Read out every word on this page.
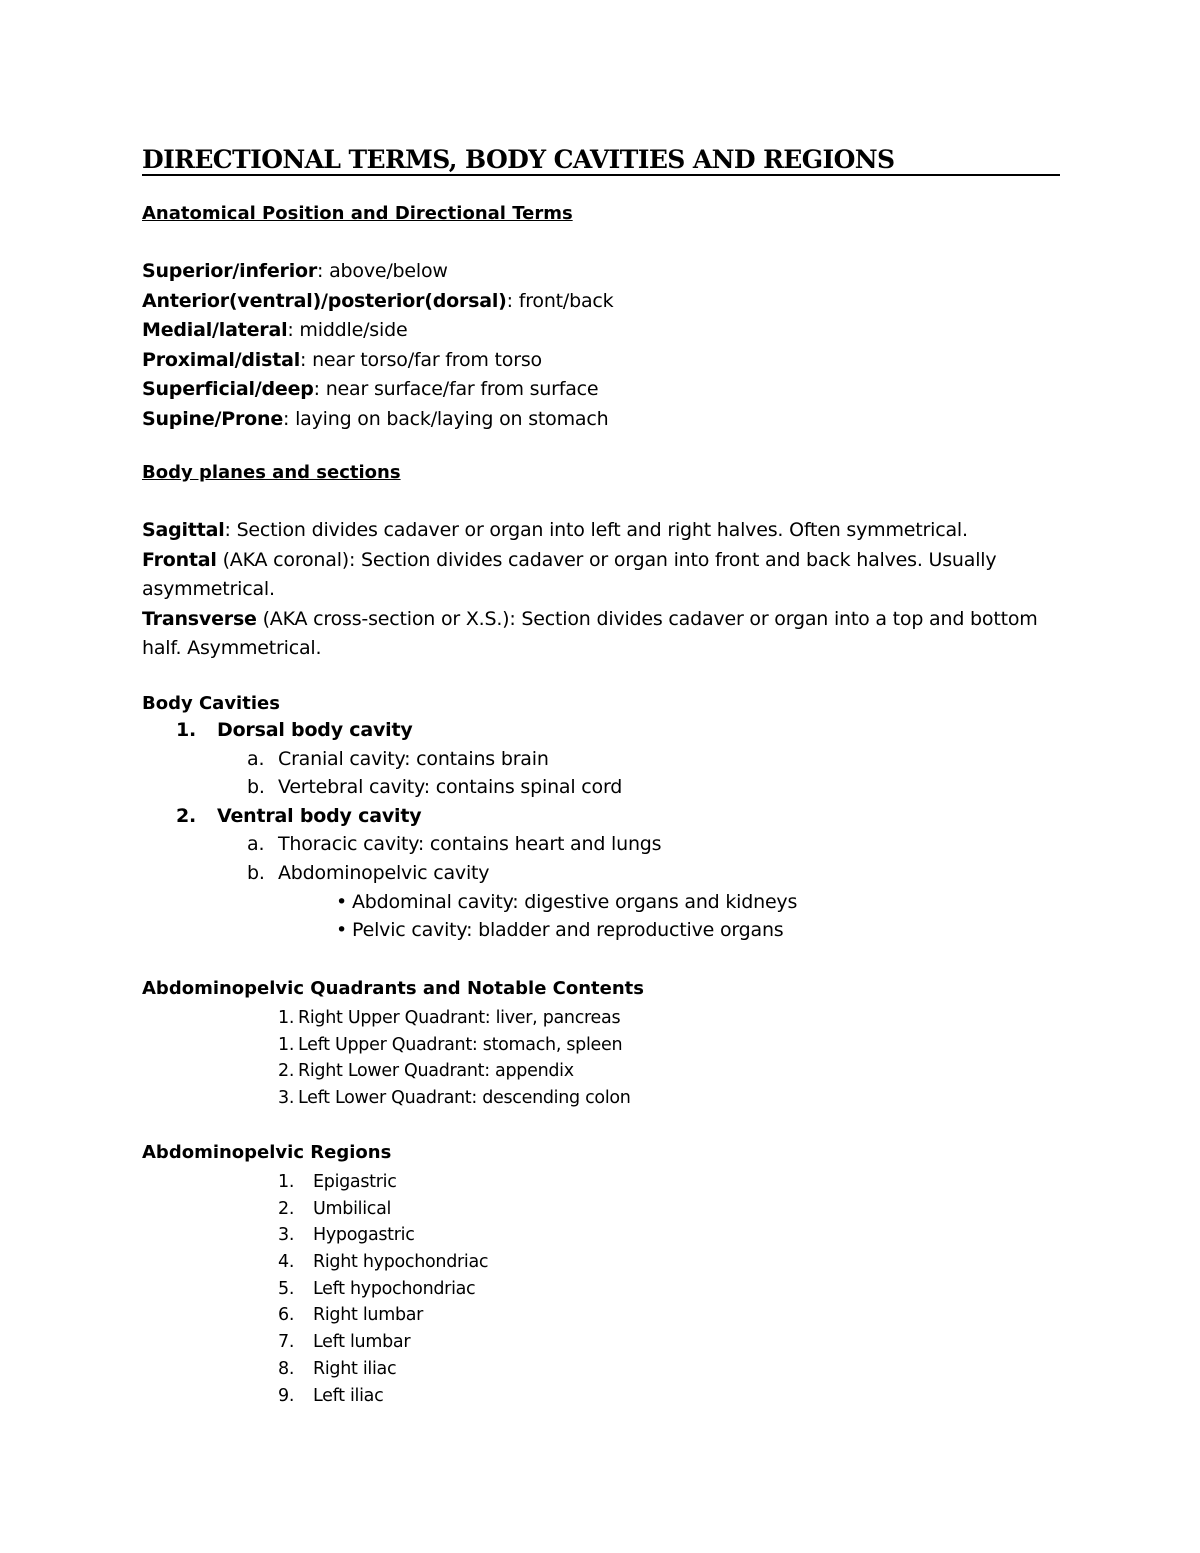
DIRECTIONAL TERMS, BODY CAVITIES AND REGIONS
Anatomical Position and Directional Terms
Superior/inferior: above/below
Anterior(ventral)/posterior(dorsal): front/back
Medial/lateral: middle/side
Proximal/distal: near torso/far from torso
Superficial/deep: near surface/far from surface
Supine/Prone: laying on back/laying on stomach
Body planes and sections

Sagittal: Section divides cadaver or organ into left and right halves. Often symmetrical.

Frontal (AKA coronal): Section divides cadaver or organ into front and back halves. Usually asymmetrical.

Transverse (AKA cross-section or X.S.): Section divides cadaver or organ into a top and bottom half. Asymmetrical.

Body Cavities
1. Dorsal body cavity
a. Cranial cavity: contains brain
b. Vertebral cavity: contains spinal cord
2. Ventral body cavity
a. Thoracic cavity: contains heart and lungs
b. Abdominopelvic cavity
• Abdominal cavity: digestive organs and kidneys
• Pelvic cavity: bladder and reproductive organs
Abdominopelvic Quadrants and Notable Contents
1. Right Upper Quadrant: liver, pancreas
1. Left Upper Quadrant: stomach, spleen
2. Right Lower Quadrant: appendix
3. Left Lower Quadrant: descending colon
Abdominopelvic Regions
1. Epigastric
2. Umbilical
3. Hypogastric
4. Right hypochondriac
5. Left hypochondriac
6. Right lumbar
7. Left lumbar
8. Right iliac
9. Left iliac
